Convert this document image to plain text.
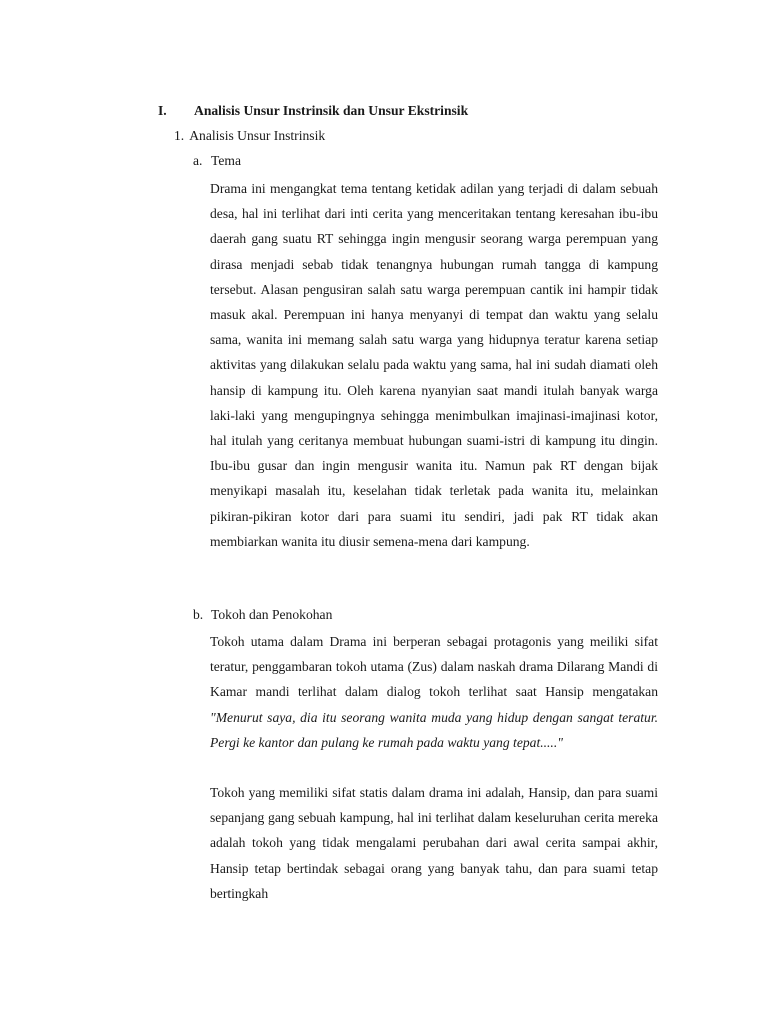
I. Analisis Unsur Instrinsik dan Unsur Ekstrinsik
1. Analisis Unsur Instrinsik
a. Tema

Drama ini mengangkat tema tentang ketidak adilan yang terjadi di dalam sebuah desa, hal ini terlihat dari inti cerita yang menceritakan tentang keresahan ibu-ibu daerah gang suatu RT sehingga ingin mengusir seorang warga perempuan yang dirasa menjadi sebab tidak tenangnya hubungan rumah tangga di kampung tersebut. Alasan pengusiran salah satu warga perempuan cantik ini hampir tidak masuk akal. Perempuan ini hanya menyanyi di tempat dan waktu yang selalu sama, wanita ini memang salah satu warga yang hidupnya teratur karena setiap aktivitas yang dilakukan selalu pada waktu yang sama, hal ini sudah diamati oleh hansip di kampung itu. Oleh karena nyanyian saat mandi itulah banyak warga laki-laki yang mengupingnya sehingga menimbulkan imajinasi-imajinasi kotor, hal itulah yang ceritanya membuat hubungan suami-istri di kampung itu dingin. Ibu-ibu gusar dan ingin mengusir wanita itu. Namun pak RT dengan bijak menyikapi masalah itu, keselahan tidak terletak pada wanita itu, melainkan pikiran-pikiran kotor dari para suami itu sendiri, jadi pak RT tidak akan membiarkan wanita itu diusir semena-mena dari kampung.

b. Tokoh dan Penokohan

Tokoh utama dalam Drama ini berperan sebagai protagonis yang meiliki sifat teratur, penggambaran tokoh utama (Zus) dalam naskah drama Dilarang Mandi di Kamar mandi terlihat dalam dialog tokoh terlihat saat Hansip mengatakan "Menurut saya, dia itu seorang wanita muda yang hidup dengan sangat teratur. Pergi ke kantor dan pulang ke rumah pada waktu yang tepat....."

Tokoh yang memiliki sifat statis dalam drama ini adalah, Hansip, dan para suami sepanjang gang sebuah kampung, hal ini terlihat dalam keseluruhan cerita mereka adalah tokoh yang tidak mengalami perubahan dari awal cerita sampai akhir, Hansip tetap bertindak sebagai orang yang banyak tahu, dan para suami tetap bertingkah
